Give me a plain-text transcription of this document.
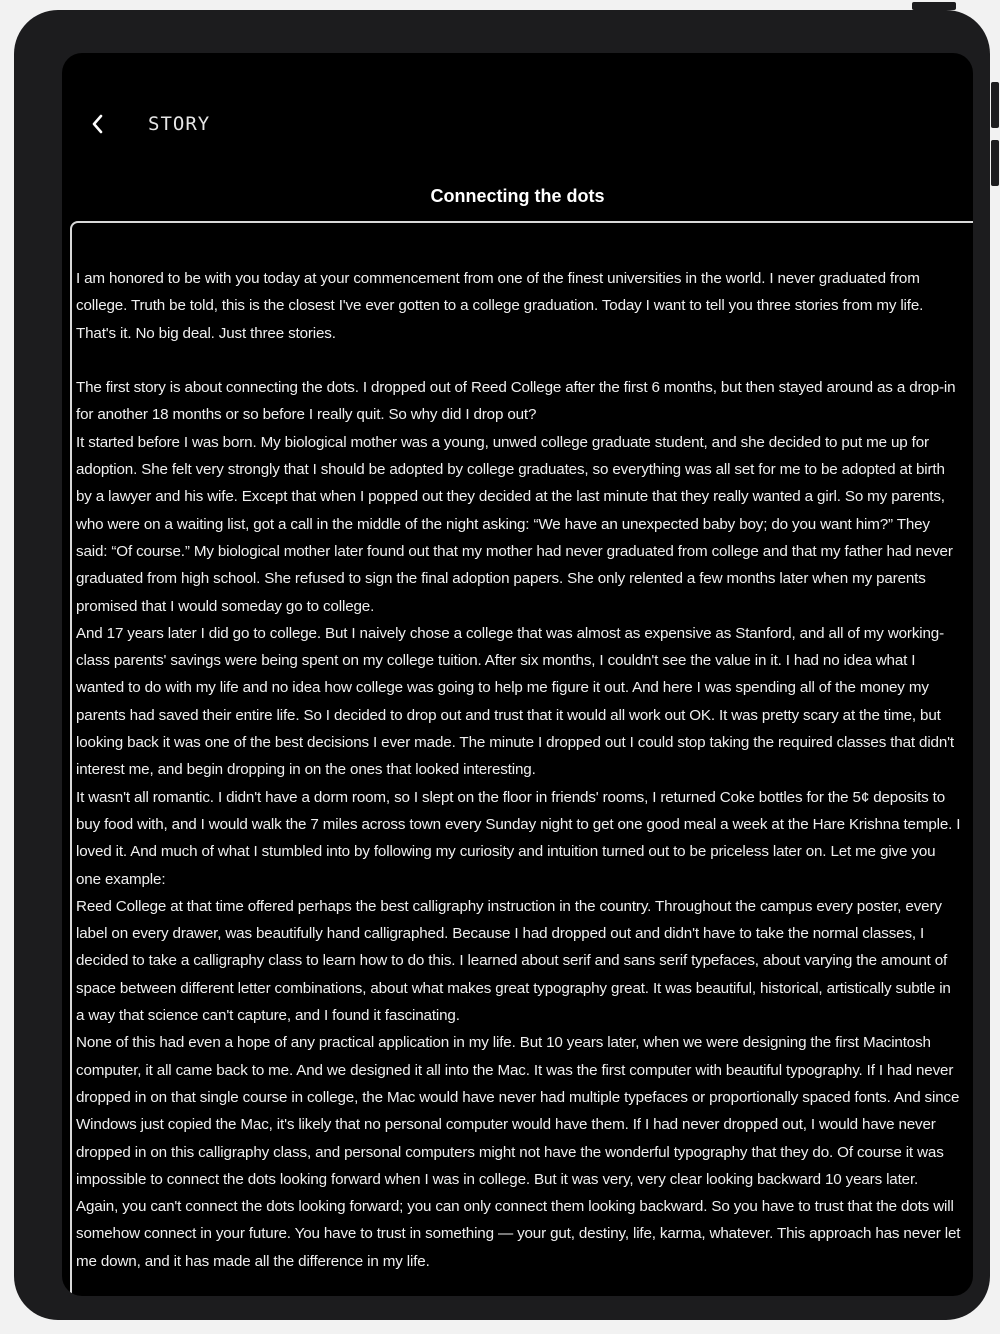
STORY
Connecting the dots

I am honored to be with you today at your commencement from one of the finest universities in the world. I never graduated from college. Truth be told, this is the closest I've ever gotten to a college graduation. Today I want to tell you three stories from my life. That's it. No big deal. Just three stories.

The first story is about connecting the dots. I dropped out of Reed College after the first 6 months, but then stayed around as a drop-in for another 18 months or so before I really quit. So why did I drop out?

It started before I was born. My biological mother was a young, unwed college graduate student, and she decided to put me up for adoption. She felt very strongly that I should be adopted by college graduates, so everything was all set for me to be adopted at birth by a lawyer and his wife. Except that when I popped out they decided at the last minute that they really wanted a girl. So my parents, who were on a waiting list, got a call in the middle of the night asking: “We have an unexpected baby boy; do you want him?” They said: “Of course.” My biological mother later found out that my mother had never graduated from college and that my father had never graduated from high school. She refused to sign the final adoption papers. She only relented a few months later when my parents promised that I would someday go to college.

And 17 years later I did go to college. But I naively chose a college that was almost as expensive as Stanford, and all of my working-class parents' savings were being spent on my college tuition. After six months, I couldn't see the value in it. I had no idea what I wanted to do with my life and no idea how college was going to help me figure it out. And here I was spending all of the money my parents had saved their entire life. So I decided to drop out and trust that it would all work out OK. It was pretty scary at the time, but looking back it was one of the best decisions I ever made. The minute I dropped out I could stop taking the required classes that didn't interest me, and begin dropping in on the ones that looked interesting.

It wasn't all romantic. I didn't have a dorm room, so I slept on the floor in friends' rooms, I returned Coke bottles for the 5¢ deposits to buy food with, and I would walk the 7 miles across town every Sunday night to get one good meal a week at the Hare Krishna temple. I loved it. And much of what I stumbled into by following my curiosity and intuition turned out to be priceless later on. Let me give you one example:

Reed College at that time offered perhaps the best calligraphy instruction in the country. Throughout the campus every poster, every label on every drawer, was beautifully hand calligraphed. Because I had dropped out and didn't have to take the normal classes, I decided to take a calligraphy class to learn how to do this. I learned about serif and sans serif typefaces, about varying the amount of space between different letter combinations, about what makes great typography great. It was beautiful, historical, artistically subtle in a way that science can't capture, and I found it fascinating.

None of this had even a hope of any practical application in my life. But 10 years later, when we were designing the first Macintosh computer, it all came back to me. And we designed it all into the Mac. It was the first computer with beautiful typography. If I had never dropped in on that single course in college, the Mac would have never had multiple typefaces or proportionally spaced fonts. And since Windows just copied the Mac, it's likely that no personal computer would have them. If I had never dropped out, I would have never dropped in on this calligraphy class, and personal computers might not have the wonderful typography that they do. Of course it was impossible to connect the dots looking forward when I was in college. But it was very, very clear looking backward 10 years later.

Again, you can't connect the dots looking forward; you can only connect them looking backward. So you have to trust that the dots will somehow connect in your future. You have to trust in something — your gut, destiny, life, karma, whatever. This approach has never let me down, and it has made all the difference in my life.
